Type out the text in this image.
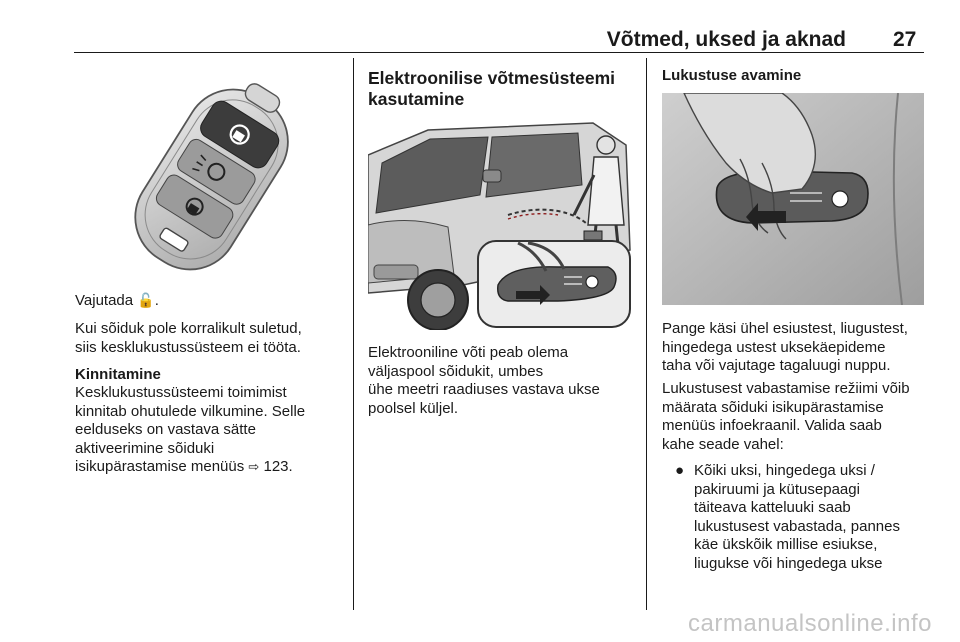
Võtmed, uksed ja aknad 27
Vajutada 🔓.

Kui sõiduk pole korralikult suletud,

siis kesklukustussüsteem ei tööta.

Kinnitamine

Kesklukustussüsteemi toimimist

kinnitab ohutulede vilkumine. Selle

eelduseks on vastava sätte

aktiveerimine sõiduki

isikupärastamise menüüs ⇨ 123.

Elektroonilise võtmesüsteemi

kasutamine

Elektrooniline võti peab olema

väljaspool sõidukit, umbes

ühe meetri raadiuses vastava ukse

poolsel küljel.

Lukustuse avamine

Pange käsi ühel esiustest, liugustest,

hingedega ustest uksekäepideme

taha või vajutage tagaluugi nuppu.

Lukustusest vabastamise režiimi võib

määrata sõiduki isikupärastamise

menüüs infoekraanil. Valida saab

kahe seade vahel:

● Kõiki uksi, hingedega uksi /
pakiruumi ja kütusepaagi
täiteava katteluuki saab
lukustusest vabastada, pannes
käe ükskõik millise esiukse,
liugukse või hingedega ukse
carmanualsonline.info
